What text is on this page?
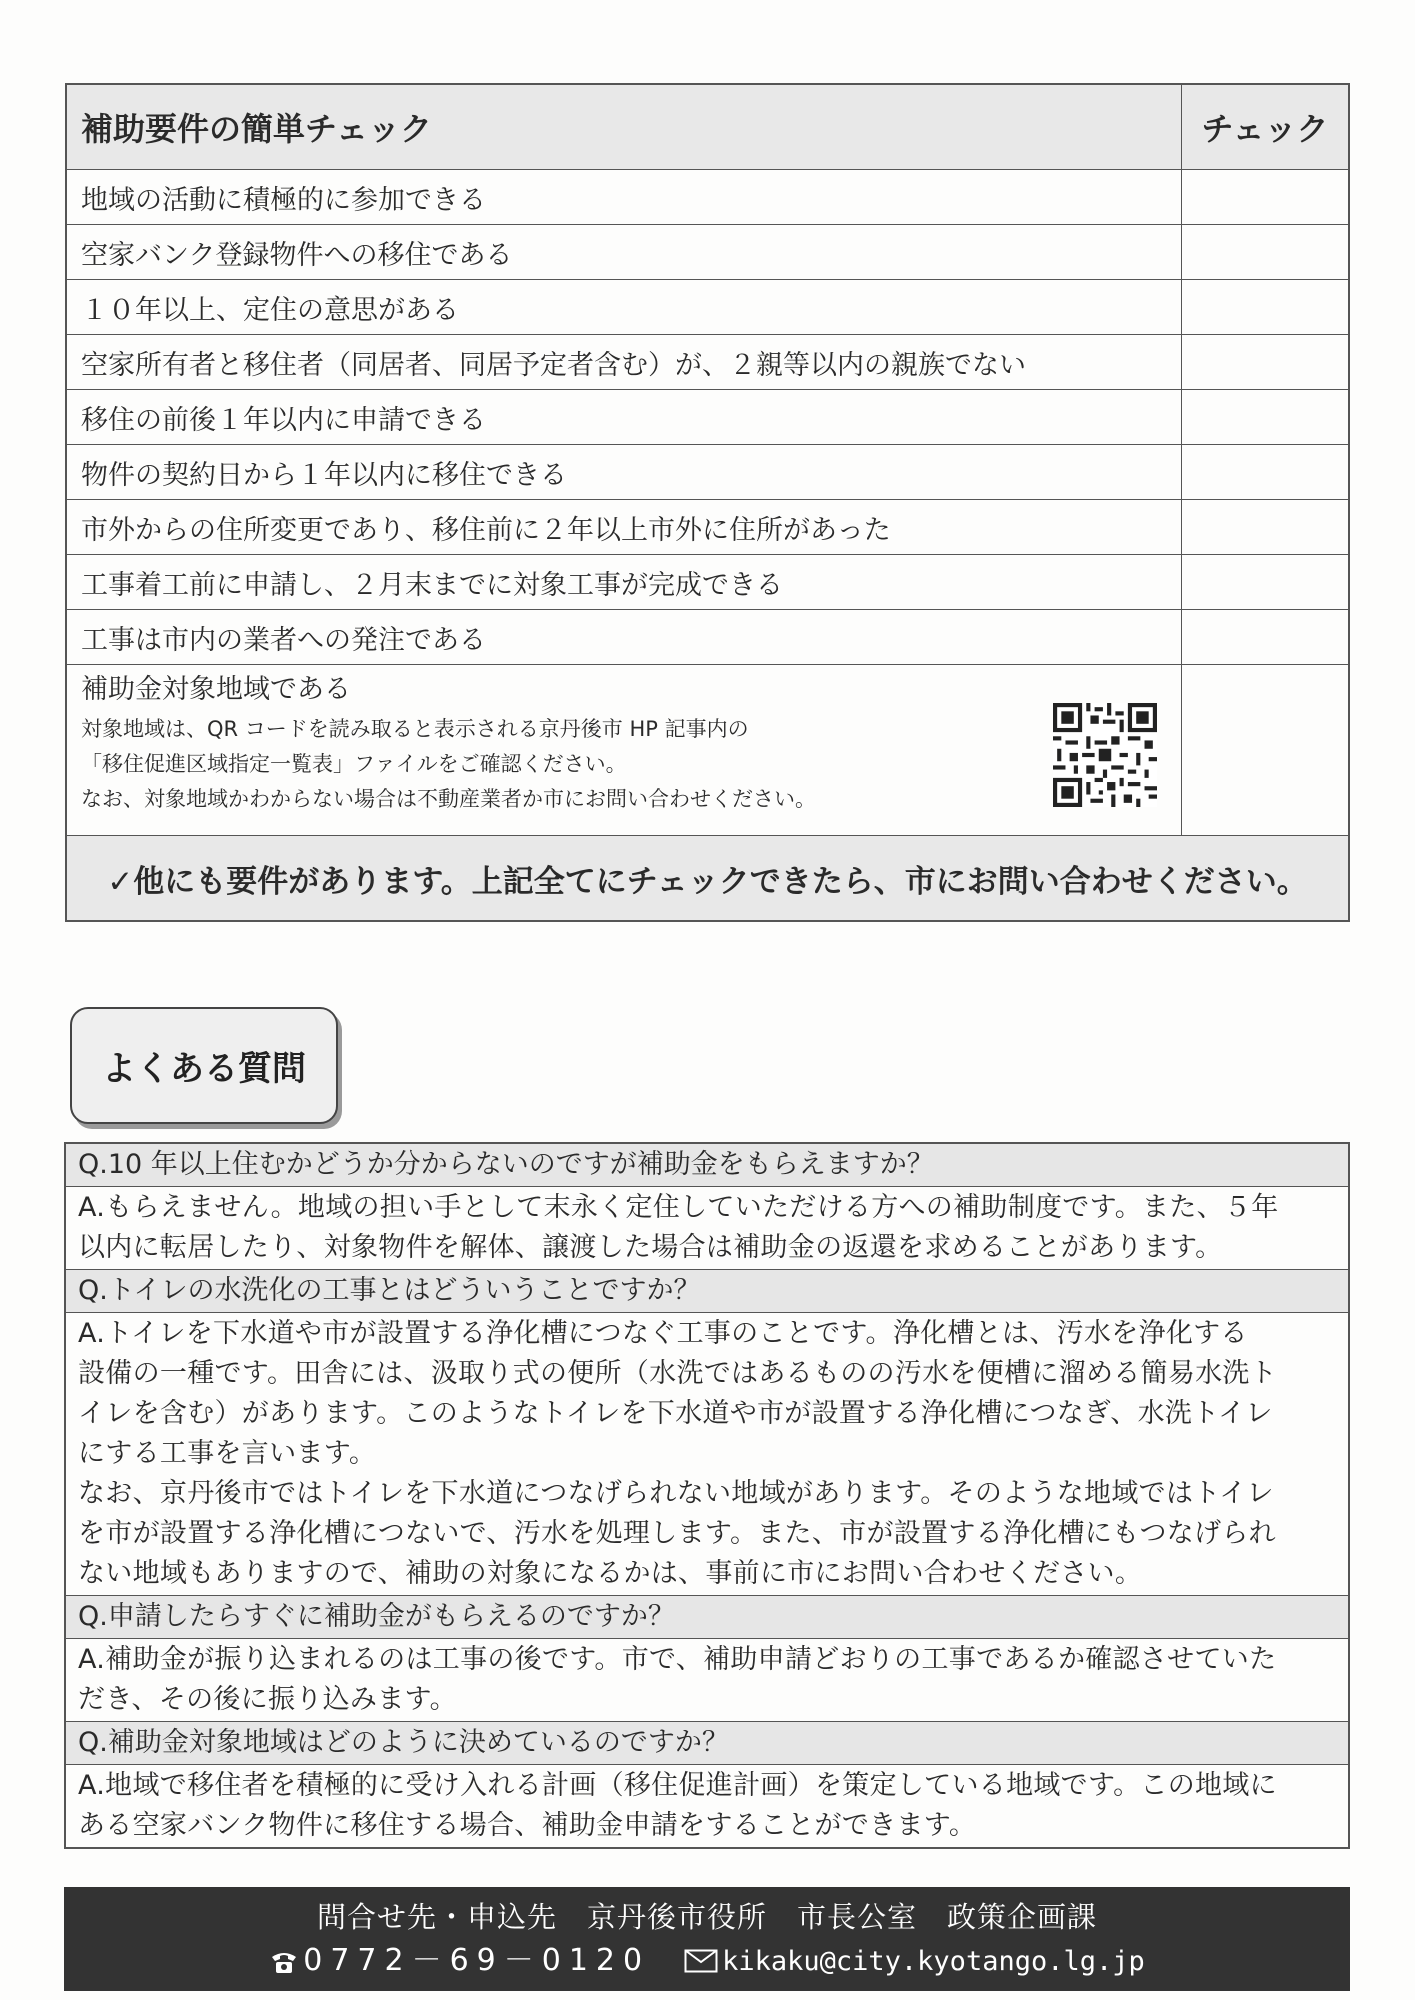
補助要件の簡単チェック	チェック
地域の活動に積極的に参加できる
空家バンク登録物件への移住である
１０年以上、定住の意思がある
空家所有者と移住者（同居者、同居予定者含む）が、２親等以内の親族でない
移住の前後１年以内に申請できる
物件の契約日から１年以内に移住できる
市外からの住所変更であり、移住前に２年以上市外に住所があった
工事着工前に申請し、２月末までに対象工事が完成できる
工事は市内の業者への発注である
補助金対象地域である
対象地域は、QR コードを読み取ると表示される京丹後市 HP 記事内の
「移住促進区域指定一覧表」ファイルをご確認ください。
なお、対象地域かわからない場合は不動産業者か市にお問い合わせください。
✓他にも要件があります。上記全てにチェックできたら、市にお問い合わせください。
よくある質問
Q.10 年以上住むかどうか分からないのですが補助金をもらえますか？
A.もらえません。地域の担い手として末永く定住していただける方への補助制度です。また、５年
以内に転居したり、対象物件を解体、譲渡した場合は補助金の返還を求めることがあります。
Q.トイレの水洗化の工事とはどういうことですか？
A.トイレを下水道や市が設置する浄化槽につなぐ工事のことです。浄化槽とは、汚水を浄化する
設備の一種です。田舎には、汲取り式の便所（水洗ではあるものの汚水を便槽に溜める簡易水洗ト
イレを含む）があります。このようなトイレを下水道や市が設置する浄化槽につなぎ、水洗トイレ
にする工事を言います。
なお、京丹後市ではトイレを下水道につなげられない地域があります。そのような地域ではトイレ
を市が設置する浄化槽につないで、汚水を処理します。また、市が設置する浄化槽にもつなげられ
ない地域もありますので、補助の対象になるかは、事前に市にお問い合わせください。
Q.申請したらすぐに補助金がもらえるのですか？
A.補助金が振り込まれるのは工事の後です。市で、補助申請どおりの工事であるか確認させていた
だき、その後に振り込みます。
Q.補助金対象地域はどのように決めているのですか？
A.地域で移住者を積極的に受け入れる計画（移住促進計画）を策定している地域です。この地域に
ある空家バンク物件に移住する場合、補助金申請をすることができます。
問合せ先・申込先　京丹後市役所　市長公室　政策企画課
0772－69－0120	kikaku@city.kyotango.lg.jp
